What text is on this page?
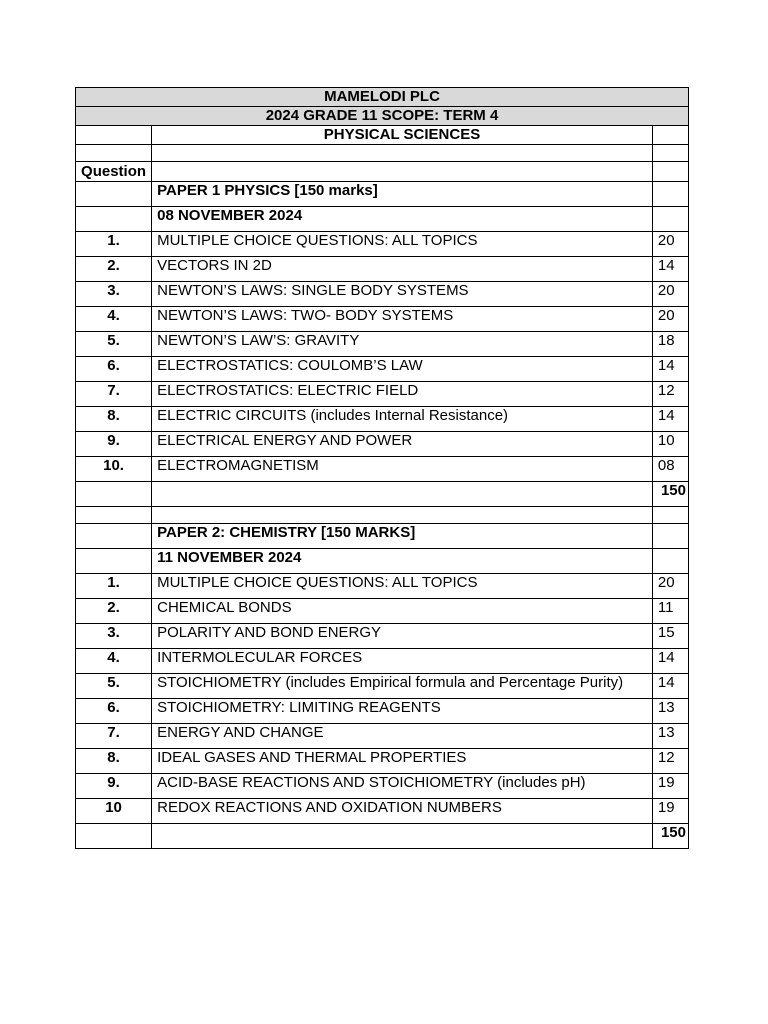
MAMELODI PLC		
2024 GRADE 11 SCOPE: TERM 4		
	PHYSICAL SCIENCES	

Question		
	PAPER 1 PHYSICS [150 marks]	
	08 NOVEMBER 2024	
1.	MULTIPLE CHOICE QUESTIONS: ALL TOPICS	20
2.	VECTORS IN 2D	14
3.	NEWTON’S LAWS: SINGLE BODY SYSTEMS	20
4.	NEWTON’S LAWS: TWO- BODY SYSTEMS	20
5.	NEWTON’S LAW’S: GRAVITY	18
6.	ELECTROSTATICS: COULOMB’S LAW	14
7.	ELECTROSTATICS: ELECTRIC FIELD	12
8.	ELECTRIC CIRCUITS (includes Internal Resistance)	14
9.	ELECTRICAL ENERGY AND POWER	10
10.	ELECTROMAGNETISM	08
		150

	PAPER 2: CHEMISTRY [150 MARKS]	
	11 NOVEMBER 2024	
1.	MULTIPLE CHOICE QUESTIONS: ALL TOPICS	20
2.	CHEMICAL BONDS	11
3.	POLARITY AND BOND ENERGY	15
4.	INTERMOLECULAR FORCES	14
5.	STOICHIOMETRY (includes Empirical formula and Percentage Purity)	14
6.	STOICHIOMETRY: LIMITING REAGENTS	13
7.	ENERGY AND CHANGE	13
8.	IDEAL GASES AND THERMAL PROPERTIES	12
9.	ACID-BASE REACTIONS AND STOICHIOMETRY (includes pH)	19
10	REDOX REACTIONS AND OXIDATION NUMBERS	19
		150
